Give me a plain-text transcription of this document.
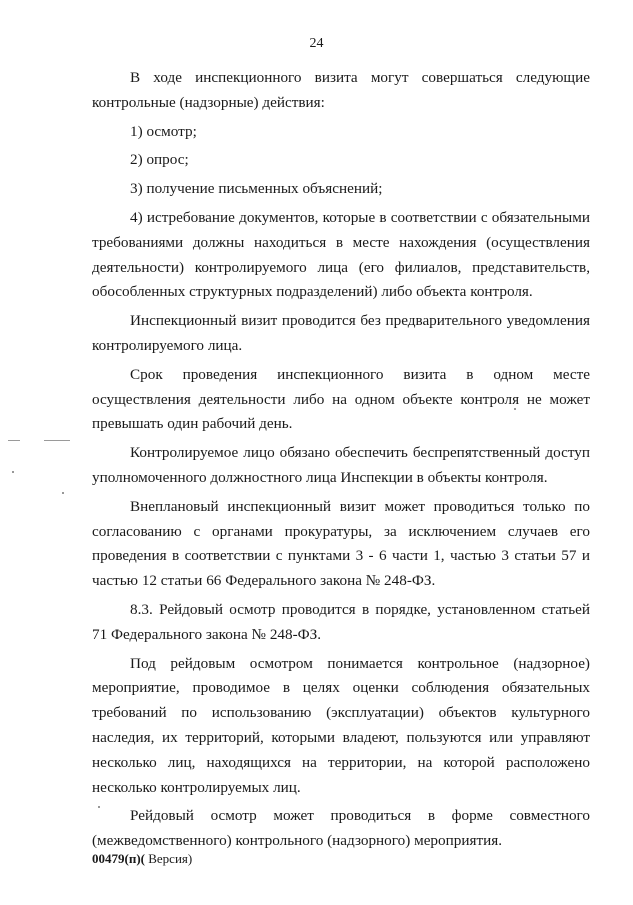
24

В ходе инспекционного визита могут совершаться следующие контрольные (надзорные) действия:

1) осмотр;

2) опрос;

3) получение письменных объяснений;

4) истребование документов, которые в соответствии с обязательными требованиями должны находиться в месте нахождения (осуществления деятельности) контролируемого лица (его филиалов, представительств, обособленных структурных подразделений) либо объекта контроля.

Инспекционный визит проводится без предварительного уведомления контролируемого лица.

Срок проведения инспекционного визита в одном месте осуществления деятельности либо на одном объекте контроля не может превышать один рабочий день.

Контролируемое лицо обязано обеспечить беспрепятственный доступ уполномоченного должностного лица Инспекции в объекты контроля.

Внеплановый инспекционный визит может проводиться только по согласованию с органами прокуратуры, за исключением случаев его проведения в соответствии с пунктами 3 - 6 части 1, частью 3 статьи 57 и частью 12 статьи 66 Федерального закона № 248-ФЗ.

8.3. Рейдовый осмотр проводится в порядке, установленном статьей 71 Федерального закона № 248-ФЗ.

Под рейдовым осмотром понимается контрольное (надзорное) мероприятие, проводимое в целях оценки соблюдения обязательных требований по использованию (эксплуатации) объектов культурного наследия, их территорий, которыми владеют, пользуются или управляют несколько лиц, находящихся на территории, на которой расположено несколько контролируемых лиц.

Рейдовый осмотр может проводиться в форме совместного (межведомственного) контрольного (надзорного) мероприятия.

00479(п)( Версия)
